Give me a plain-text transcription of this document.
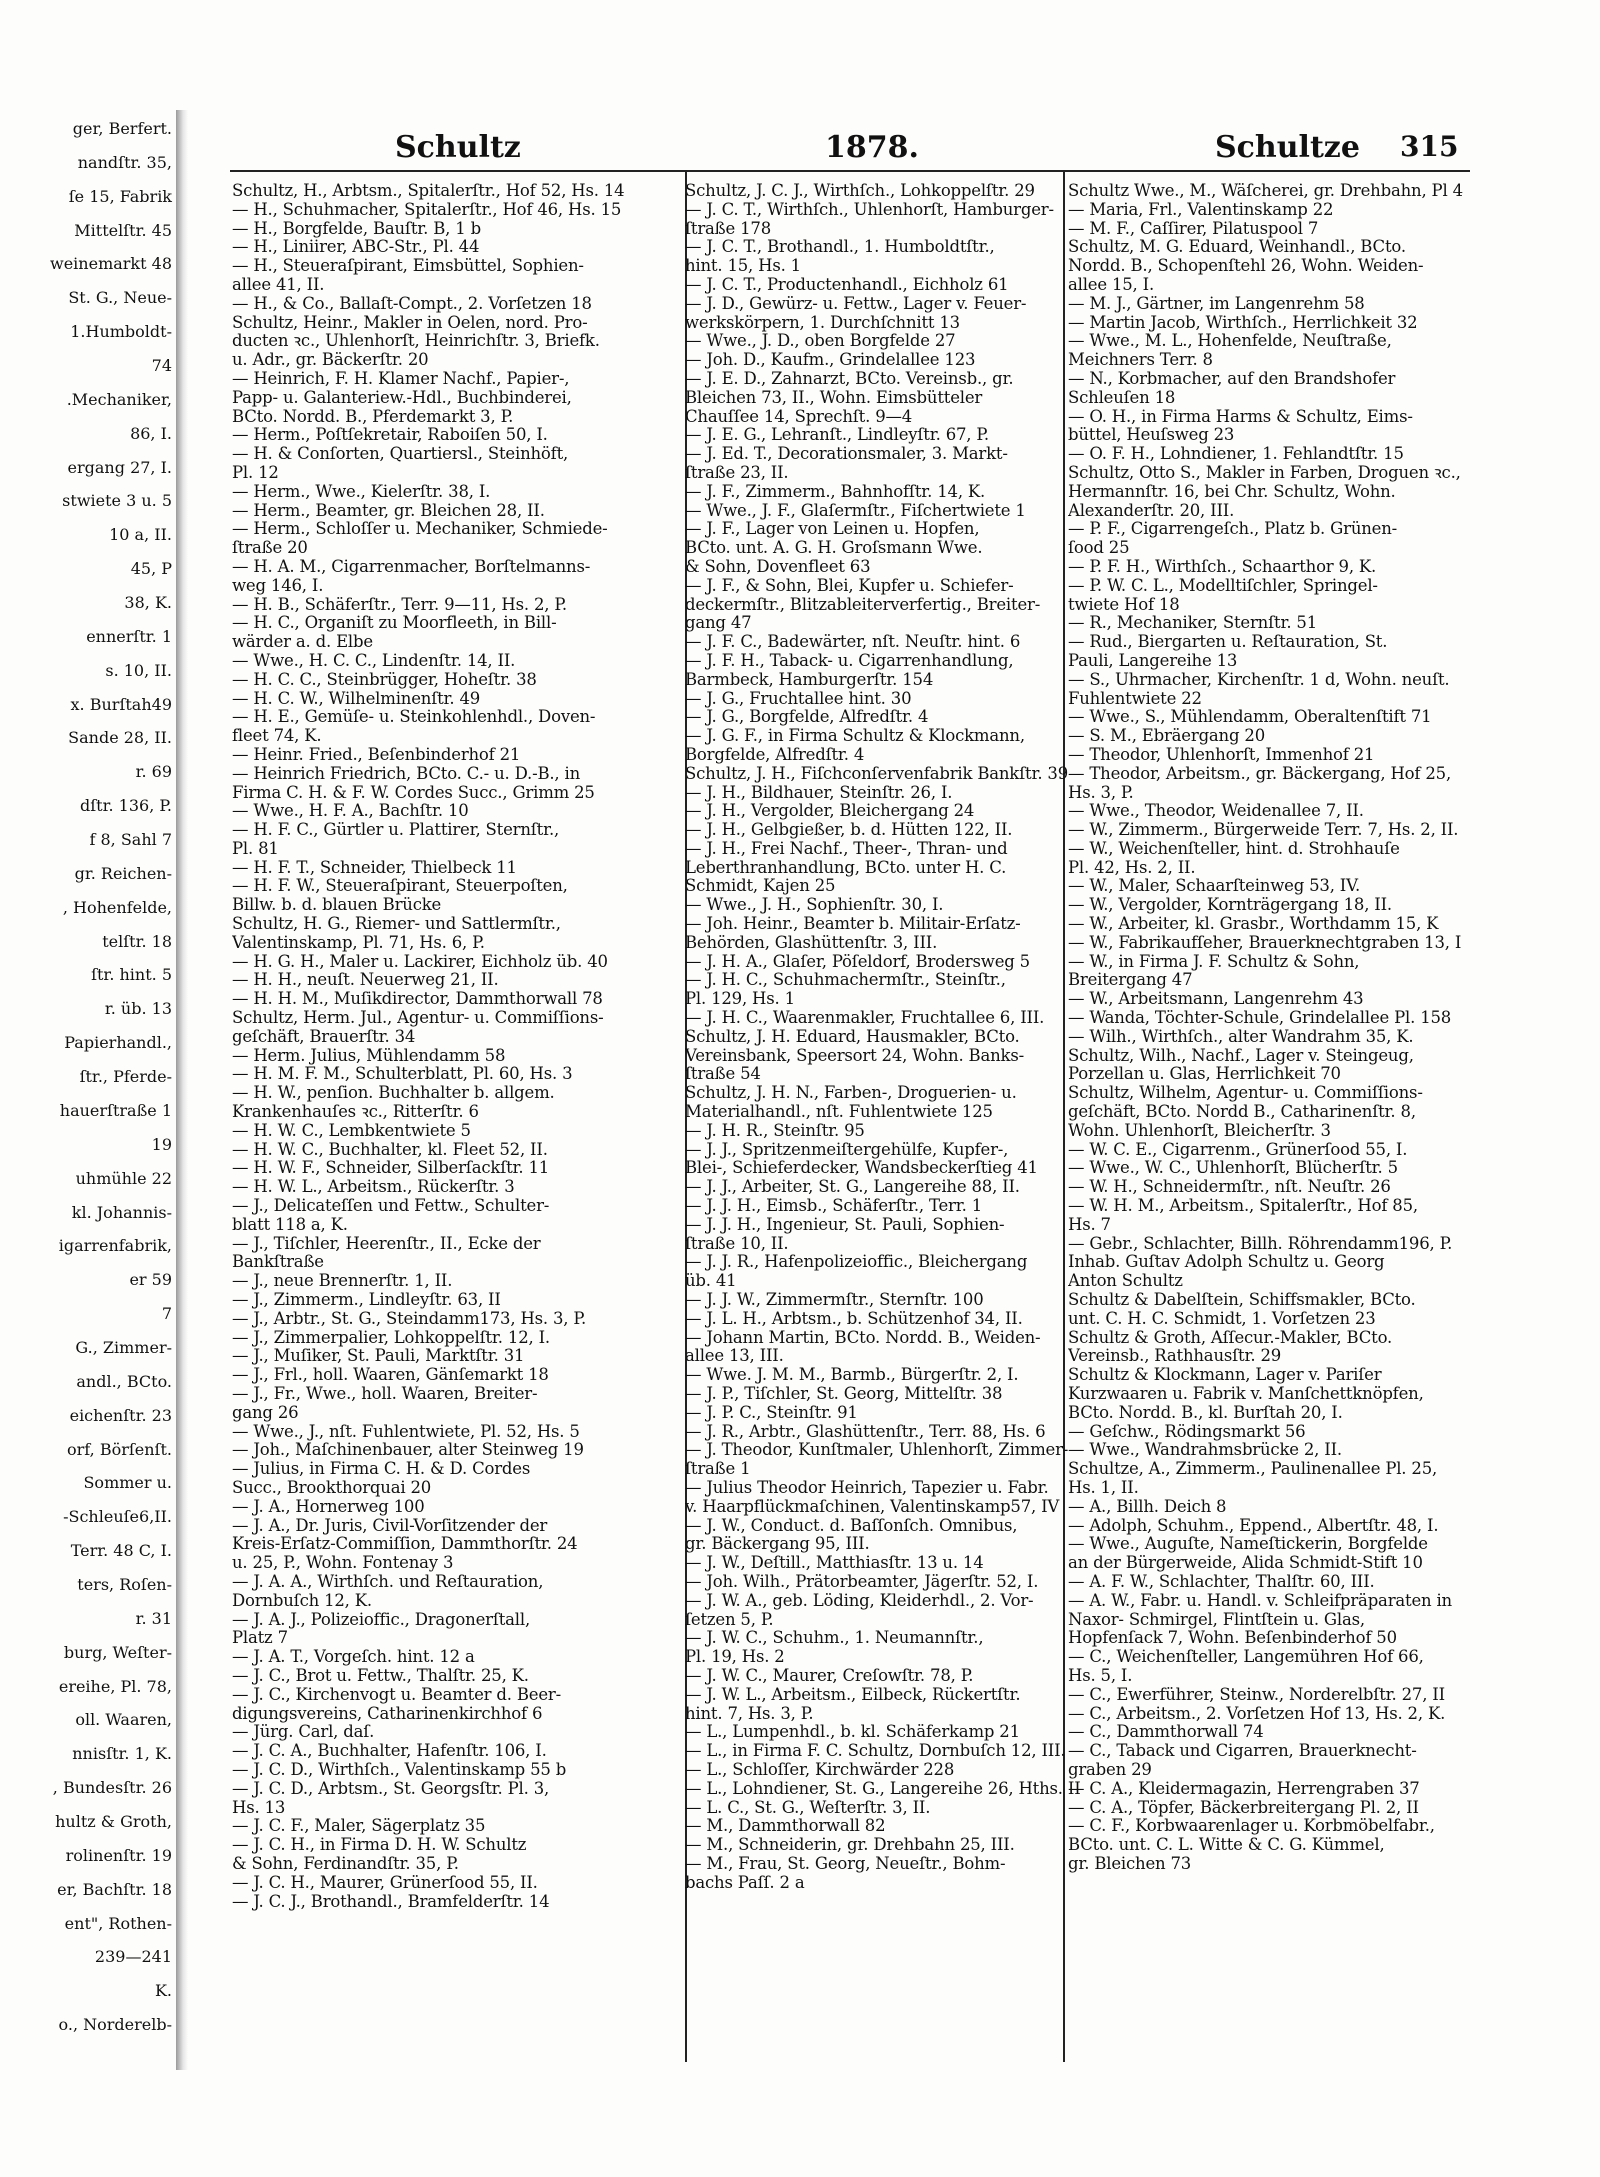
ger, Berfert.
nandſtr. 35,
ſe 15, Fabrik
Mittelſtr. 45
weinemarkt 48
St. G., Neue-
1.Humboldt-
74
.Mechaniker,
86, I.
ergang 27, I.
stwiete 3 u. 5
10 a, II.
45, P
38, K.
ennerſtr. 1
s. 10, II.
x. Burſtah49
Sande 28, II.
r. 69
dſtr. 136, P.
f 8, Sahl 7
gr. Reichen-
, Hohenfelde,
telſtr. 18
ſtr. hint. 5
r. üb. 13
Papierhandl.,
ſtr., Pferde-
hauerſtraße 1
19
uhmühle 22
kl. Johannis-
igarrenfabrik,
er 59
7
G., Zimmer-
andl., BCto.
eichenſtr. 23
orf, Börſenſt.
Sommer u.
-Schleuſe6,II.
Terr. 48 C, I.
ters, Roſen-
r. 31
burg, Weſter-
ereihe, Pl. 78,
oll. Waaren,
nnisſtr. 1, K.
, Bundesſtr. 26
hultz & Groth,
rolinenſtr. 19
er, Bachſtr. 18
ent", Rothen-
239—241
K.
o., Norderelb-
Schultz	1878.	Schultze 315
Schultz, H., Arbtsm., Spitalerſtr., Hof 52, Hs. 14
— H., Schuhmacher, Spitalerſtr., Hof 46, Hs. 15
— H., Borgfelde, Bauſtr. B, 1 b
— H., Liniirer, ABC-Str., Pl. 44
— H., Steueraſpirant, Eimsbüttel, Sophien-
allee 41, II.
— H., & Co., Ballaſt-Compt., 2. Vorſetzen 18
Schultz, Heinr., Makler in Oelen, nord. Pro-
ducten ꝛc., Uhlenhorſt, Heinrichſtr. 3, Briefk.
u. Adr., gr. Bäckerſtr. 20
— Heinrich, F. H. Klamer Nachf., Papier-,
Papp- u. Galanteriew.-Hdl., Buchbinderei,
BCto. Nordd. B., Pferdemarkt 3, P.
— Herm., Poſtſekretair, Raboiſen 50, I.
— H. & Conſorten, Quartiersl., Steinhöft,
Pl. 12
— Herm., Wwe., Kielerſtr. 38, I.
— Herm., Beamter, gr. Bleichen 28, II.
— Herm., Schloſſer u. Mechaniker, Schmiede-
ſtraße 20
— H. A. M., Cigarrenmacher, Borſtelmanns-
weg 146, I.
— H. B., Schäferſtr., Terr. 9—11, Hs. 2, P.
— H. C., Organiſt zu Moorfleeth, in Bill-
wärder a. d. Elbe
— Wwe., H. C. C., Lindenſtr. 14, II.
— H. C. C., Steinbrügger, Hoheſtr. 38
— H. C. W., Wilhelminenſtr. 49
— H. E., Gemüſe- u. Steinkohlenhdl., Doven-
fleet 74, K.
— Heinr. Fried., Beſenbinderhof 21
— Heinrich Friedrich, BCto. C.- u. D.-B., in
Firma C. H. & F. W. Cordes Succ., Grimm 25
— Wwe., H. F. A., Bachſtr. 10
— H. F. C., Gürtler u. Plattirer, Sternſtr.,
Pl. 81
— H. F. T., Schneider, Thielbeck 11
— H. F. W., Steueraſpirant, Steuerpoſten,
Billw. b. d. blauen Brücke
Schultz, H. G., Riemer- und Sattlermſtr.,
Valentinskamp, Pl. 71, Hs. 6, P.
— H. G. H., Maler u. Lackirer, Eichholz üb. 40
— H. H., neuſt. Neuerweg 21, II.
— H. H. M., Muſikdirector, Dammthorwall 78
Schultz, Herm. Jul., Agentur- u. Commiſſions-
geſchäft, Brauerſtr. 34
— Herm. Julius, Mühlendamm 58
— H. M. F. M., Schulterblatt, Pl. 60, Hs. 3
— H. W., penſion. Buchhalter b. allgem.
Krankenhauſes ꝛc., Ritterſtr. 6
— H. W. C., Lembkentwiete 5
— H. W. C., Buchhalter, kl. Fleet 52, II.
— H. W. F., Schneider, Silberſackſtr. 11
— H. W. L., Arbeitsm., Rückerſtr. 3
— J., Delicateſſen und Fettw., Schulter-
blatt 118 a, K.
— J., Tiſchler, Heerenſtr., II., Ecke der
Bankſtraße
— J., neue Brennerſtr. 1, II.
— J., Zimmerm., Lindleyſtr. 63, II
— J., Arbtr., St. G., Steindamm173, Hs. 3, P.
— J., Zimmerpalier, Lohkoppelſtr. 12, I.
— J., Muſiker, St. Pauli, Marktſtr. 31
— J., Frl., holl. Waaren, Gänſemarkt 18
— J., Fr., Wwe., holl. Waaren, Breiter-
gang 26
— Wwe., J., nſt. Fuhlentwiete, Pl. 52, Hs. 5
— Joh., Maſchinenbauer, alter Steinweg 19
— Julius, in Firma C. H. & D. Cordes
Succ., Brookthorquai 20
— J. A., Hornerweg 100
— J. A., Dr. Juris, Civil-Vorſitzender der
Kreis-Erſatz-Commiſſion, Dammthorſtr. 24
u. 25, P., Wohn. Fontenay 3
— J. A. A., Wirthſch. und Reſtauration,
Dornbuſch 12, K.
— J. A. J., Polizeioffic., Dragonerſtall,
Platz 7
— J. A. T., Vorgeſch. hint. 12 a
— J. C., Brot u. Fettw., Thalſtr. 25, K.
— J. C., Kirchenvogt u. Beamter d. Beer-
digungsvereins, Catharinenkirchhof 6
— Jürg. Carl, daſ.
— J. C. A., Buchhalter, Hafenſtr. 106, I.
— J. C. D., Wirthſch., Valentinskamp 55 b
— J. C. D., Arbtsm., St. Georgsſtr. Pl. 3,
Hs. 13
— J. C. F., Maler, Sägerplatz 35
— J. C. H., in Firma D. H. W. Schultz
& Sohn, Ferdinandſtr. 35, P.
— J. C. H., Maurer, Grünerſood 55, II.
— J. C. J., Brothandl., Bramfelderſtr. 14
Schultz, J. C. J., Wirthſch., Lohkoppelſtr. 29
— J. C. T., Wirthſch., Uhlenhorſt, Hamburger-
ſtraße 178
— J. C. T., Brothandl., 1. Humboldtſtr.,
hint. 15, Hs. 1
— J. C. T., Productenhandl., Eichholz 61
— J. D., Gewürz- u. Fettw., Lager v. Feuer-
werkskörpern, 1. Durchſchnitt 13
— Wwe., J. D., oben Borgfelde 27
— Joh. D., Kaufm., Grindelallee 123
— J. E. D., Zahnarzt, BCto. Vereinsb., gr.
Bleichen 73, II., Wohn. Eimsbütteler
Chauſſee 14, Sprechſt. 9—4
— J. E. G., Lehranſt., Lindleyſtr. 67, P.
— J. Ed. T., Decorationsmaler, 3. Markt-
ſtraße 23, II.
— J. F., Zimmerm., Bahnhofſtr. 14, K.
— Wwe., J. F., Glaſermſtr., Fiſchertwiete 1
— J. F., Lager von Leinen u. Hopfen,
BCto. unt. A. G. H. Groſsmann Wwe.
& Sohn, Dovenfleet 63
— J. F., & Sohn, Blei, Kupfer u. Schiefer-
deckermſtr., Blitzableiterverfertig., Breiter-
gang 47
— J. F. C., Badewärter, nſt. Neuſtr. hint. 6
— J. F. H., Taback- u. Cigarrenhandlung,
Barmbeck, Hamburgerſtr. 154
— J. G., Fruchtallee hint. 30
— J. G., Borgfelde, Alfredſtr. 4
— J. G. F., in Firma Schultz & Klockmann,
Borgfelde, Alfredſtr. 4
Schultz, J. H., Fiſchconſervenfabrik Bankſtr. 39
— J. H., Bildhauer, Steinſtr. 26, I.
— J. H., Vergolder, Bleichergang 24
— J. H., Gelbgießer, b. d. Hütten 122, II.
— J. H., Frei Nachf., Theer-, Thran- und
Leberthranhandlung, BCto. unter H. C.
Schmidt, Kajen 25
— Wwe., J. H., Sophienſtr. 30, I.
— Joh. Heinr., Beamter b. Militair-Erſatz-
Behörden, Glashüttenſtr. 3, III.
— J. H. A., Glaſer, Pöſeldorf, Brodersweg 5
— J. H. C., Schuhmachermſtr., Steinſtr.,
Pl. 129, Hs. 1
— J. H. C., Waarenmakler, Fruchtallee 6, III.
Schultz, J. H. Eduard, Hausmakler, BCto.
Vereinsbank, Speersort 24, Wohn. Banks-
ſtraße 54
Schultz, J. H. N., Farben-, Droguerien- u.
Materialhandl., nſt. Fuhlentwiete 125
— J. H. R., Steinſtr. 95
— J. J., Spritzenmeiſtergehülfe, Kupfer-,
Blei-, Schieferdecker, Wandsbeckerſtieg 41
— J. J., Arbeiter, St. G., Langereihe 88, II.
— J. J. H., Eimsb., Schäferſtr., Terr. 1
— J. J. H., Ingenieur, St. Pauli, Sophien-
ſtraße 10, II.
— J. J. R., Hafenpolizeioffic., Bleichergang
üb. 41
— J. J. W., Zimmermſtr., Sternſtr. 100
— J. L. H., Arbtsm., b. Schützenhof 34, II.
— Johann Martin, BCto. Nordd. B., Weiden-
allee 13, III.
— Wwe. J. M. M., Barmb., Bürgerſtr. 2, I.
— J. P., Tiſchler, St. Georg, Mittelſtr. 38
— J. P. C., Steinſtr. 91
— J. R., Arbtr., Glashüttenſtr., Terr. 88, Hs. 6
— J. Theodor, Kunſtmaler, Uhlenhorſt, Zimmer-
ſtraße 1
— Julius Theodor Heinrich, Tapezier u. Fabr.
v. Haarpflückmaſchinen, Valentinskamp57, IV
— J. W., Conduct. d. Baſſonſch. Omnibus,
gr. Bäckergang 95, III.
— J. W., Deſtill., Matthiasſtr. 13 u. 14
— Joh. Wilh., Prätorbeamter, Jägerſtr. 52, I.
— J. W. A., geb. Löding, Kleiderhdl., 2. Vor-
ſetzen 5, P.
— J. W. C., Schuhm., 1. Neumannſtr.,
Pl. 19, Hs. 2
— J. W. C., Maurer, Creſowſtr. 78, P.
— J. W. L., Arbeitsm., Eilbeck, Rückertſtr.
hint. 7, Hs. 3, P.
— L., Lumpenhdl., b. kl. Schäferkamp 21
— L., in Firma F. C. Schultz, Dornbuſch 12, III.
— L., Schloſſer, Kirchwärder 228
— L., Lohndiener, St. G., Langereihe 26, Hths. II
— L. C., St. G., Weſterſtr. 3, II.
— M., Dammthorwall 82
— M., Schneiderin, gr. Drehbahn 25, III.
— M., Frau, St. Georg, Neueſtr., Bohm-
bachs Paſſ. 2 a
Schultz Wwe., M., Wäſcherei, gr. Drehbahn, Pl 4
— Maria, Frl., Valentinskamp 22
— M. F., Caſſirer, Pilatuspool 7
Schultz, M. G. Eduard, Weinhandl., BCto.
Nordd. B., Schopenſtehl 26, Wohn. Weiden-
allee 15, I.
— M. J., Gärtner, im Langenrehm 58
— Martin Jacob, Wirthſch., Herrlichkeit 32
— Wwe., M. L., Hohenfelde, Neuſtraße,
Meichners Terr. 8
— N., Korbmacher, auf den Brandshofer
Schleuſen 18
— O. H., in Firma Harms & Schultz, Eims-
büttel, Heuſsweg 23
— O. F. H., Lohndiener, 1. Fehlandtſtr. 15
Schultz, Otto S., Makler in Farben, Droguen ꝛc.,
Hermannſtr. 16, bei Chr. Schultz, Wohn.
Alexanderſtr. 20, III.
— P. F., Cigarrengeſch., Platz b. Grünen-
ſood 25
— P. F. H., Wirthſch., Schaarthor 9, K.
— P. W. C. L., Modelltiſchler, Springel-
twiete Hof 18
— R., Mechaniker, Sternſtr. 51
— Rud., Biergarten u. Reſtauration, St.
Pauli, Langereihe 13
— S., Uhrmacher, Kirchenſtr. 1 d, Wohn. neuſt.
Fuhlentwiete 22
— Wwe., S., Mühlendamm, Oberaltenſtift 71
— S. M., Ebräergang 20
— Theodor, Uhlenhorſt, Immenhof 21
— Theodor, Arbeitsm., gr. Bäckergang, Hof 25,
Hs. 3, P.
— Wwe., Theodor, Weidenallee 7, II.
— W., Zimmerm., Bürgerweide Terr. 7, Hs. 2, II.
— W., Weichenſteller, hint. d. Strohhauſe
Pl. 42, Hs. 2, II.
— W., Maler, Schaarſteinweg 53, IV.
— W., Vergolder, Kornträgergang 18, II.
— W., Arbeiter, kl. Grasbr., Worthdamm 15, K
— W., Fabrikaufſeher, Brauerknechtgraben 13, I
— W., in Firma J. F. Schultz & Sohn,
Breitergang 47
— W., Arbeitsmann, Langenrehm 43
— Wanda, Töchter-Schule, Grindelallee Pl. 158
— Wilh., Wirthſch., alter Wandrahm 35, K.
Schultz, Wilh., Nachf., Lager v. Steingeug,
Porzellan u. Glas, Herrlichkeit 70
Schultz, Wilhelm, Agentur- u. Commiſſions-
geſchäft, BCto. Nordd B., Catharinenſtr. 8,
Wohn. Uhlenhorſt, Bleicherſtr. 3
— W. C. E., Cigarrenm., Grünerſood 55, I.
— Wwe., W. C., Uhlenhorſt, Blücherſtr. 5
— W. H., Schneidermſtr., nſt. Neuſtr. 26
— W. H. M., Arbeitsm., Spitalerſtr., Hof 85,
Hs. 7
— Gebr., Schlachter, Billh. Röhrendamm196, P.
Inhab. Guſtav Adolph Schultz u. Georg
Anton Schultz
Schultz & Dabelſtein, Schiffsmakler, BCto.
unt. C. H. C. Schmidt, 1. Vorſetzen 23
Schultz & Groth, Aſſecur.-Makler, BCto.
Vereinsb., Rathhausſtr. 29
Schultz & Klockmann, Lager v. Pariſer
Kurzwaaren u. Fabrik v. Manſchettknöpfen,
BCto. Nordd. B., kl. Burſtah 20, I.
— Geſchw., Rödingsmarkt 56
— Wwe., Wandrahmsbrücke 2, II.
Schultze, A., Zimmerm., Paulinenallee Pl. 25,
Hs. 1, II.
— A., Billh. Deich 8
— Adolph, Schuhm., Eppend., Albertſtr. 48, I.
— Wwe., Auguſte, Nameſtickerin, Borgfelde
an der Bürgerweide, Alida Schmidt-Stift 10
— A. F. W., Schlachter, Thalſtr. 60, III.
— A. W., Fabr. u. Handl. v. Schleifpräparaten in
Naxor- Schmirgel, Flintſtein u. Glas,
Hopfenſack 7, Wohn. Beſenbinderhof 50
— C., Weichenſteller, Langemühren Hof 66,
Hs. 5, I.
— C., Ewerführer, Steinw., Norderelbſtr. 27, II
— C., Arbeitsm., 2. Vorſetzen Hof 13, Hs. 2, K.
— C., Dammthorwall 74
— C., Taback und Cigarren, Brauerknecht-
graben 29
— C. A., Kleidermagazin, Herrengraben 37
— C. A., Töpfer, Bäckerbreitergang Pl. 2, II
— C. F., Korbwaarenlager u. Korbmöbelfabr.,
BCto. unt. C. L. Witte & C. G. Kümmel,
gr. Bleichen 73
